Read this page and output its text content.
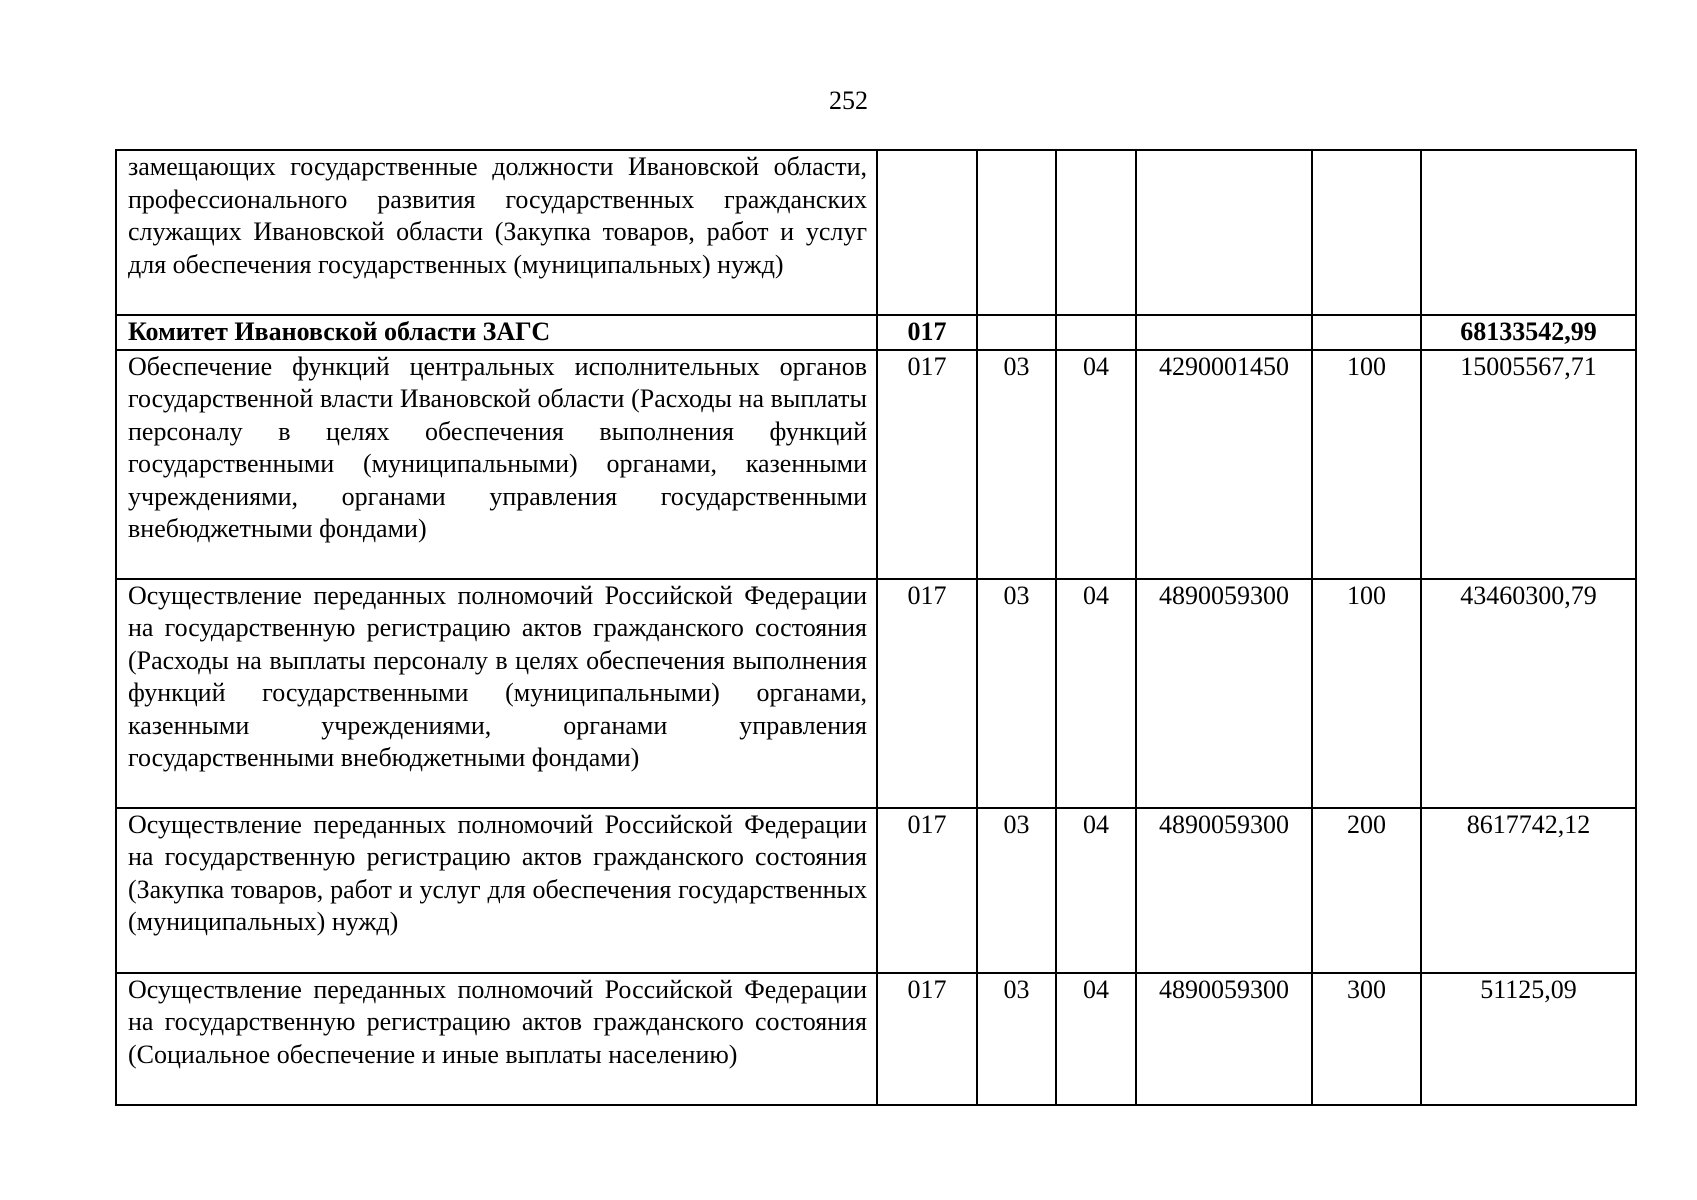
252
замещающих государственные должности Ивановской области, профессионального развития государственных гражданских служащих Ивановской области (Закупка товаров, работ и услуг для обеспечения государственных (муниципальных) нужд)						
Комитет Ивановской области ЗАГС	017					68133542,99
Обеспечение функций центральных исполнительных органов государственной власти Ивановской области (Расходы на выплаты персоналу в целях обеспечения выполнения функций государственными (муниципальными) органами, казенными учреждениями, органами управления государственными внебюджетными фондами)	017	03	04	4290001450	100	15005567,71
Осуществление переданных полномочий Российской Федерации на государственную регистрацию актов гражданского состояния (Расходы на выплаты персоналу в целях обеспечения выполнения функций государственными (муниципальными) органами, казенными учреждениями, органами управления государственными внебюджетными фондами)	017	03	04	4890059300	100	43460300,79
Осуществление переданных полномочий Российской Федерации на государственную регистрацию актов гражданского состояния (Закупка товаров, работ и услуг для обеспечения государственных (муниципальных) нужд)	017	03	04	4890059300	200	8617742,12
Осуществление переданных полномочий Российской Федерации на государственную регистрацию актов гражданского состояния (Социальное обеспечение и иные выплаты населению)	017	03	04	4890059300	300	51125,09
